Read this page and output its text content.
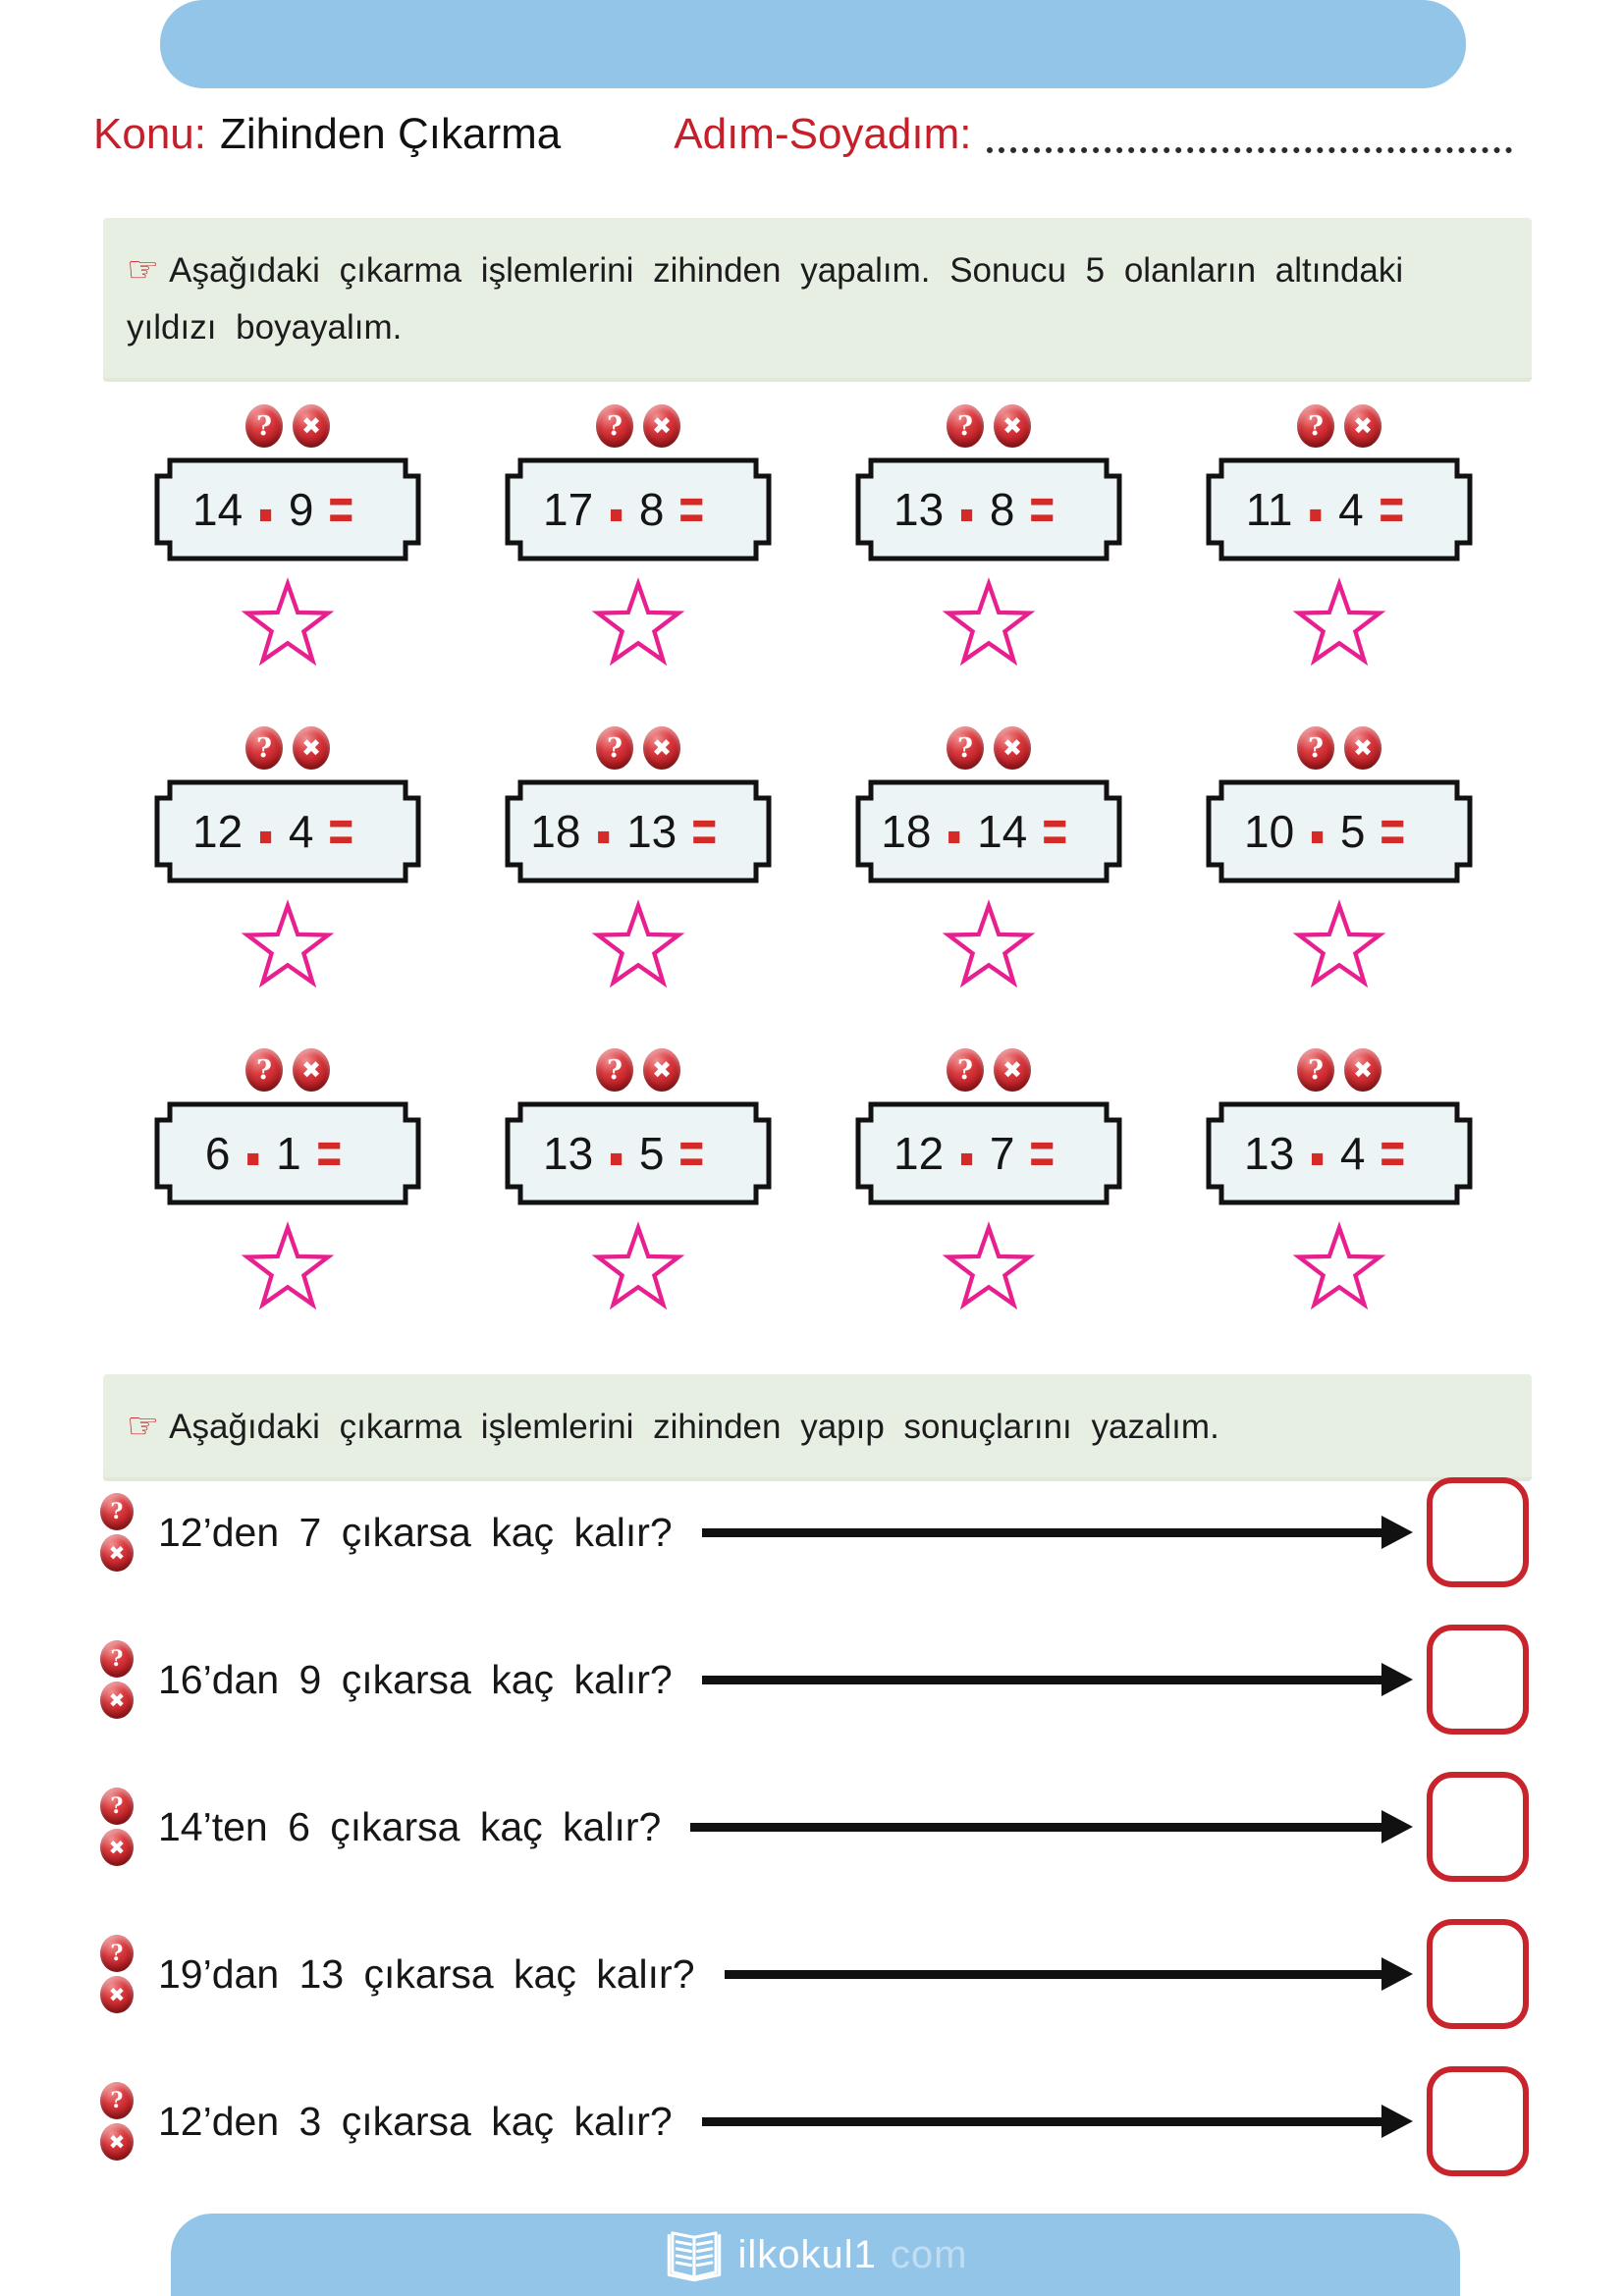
Konu: Zihinden Çıkarma	Adım-Soyadım:
☞ Aşağıdaki çıkarma işlemlerini zihinden yapalım. Sonucu 5 olanların altındaki yıldızı boyayalım.
?	✖
14 - 9 =
?	✖
17 - 8 =
?	✖
13 - 8 =
?	✖
11 - 4 =
?	✖
12 - 4 =
?	✖
18 - 13 =
?	✖
18 - 14 =
?	✖
10 - 5 =
?	✖
6 - 1 =
?	✖
13 - 5 =
?	✖
12 - 7 =
?	✖
13 - 4 =
☞ Aşağıdaki çıkarma işlemlerini zihinden yapıp sonuçlarını yazalım.
?
✖ 12’den 7 çıkarsa kaç kalır?
?
✖ 16’dan 9 çıkarsa kaç kalır?
?
✖ 14’ten 6 çıkarsa kaç kalır?
?
✖ 19’dan 13 çıkarsa kaç kalır?
?
✖ 12’den 3 çıkarsa kaç kalır?
ilkokul1 com
